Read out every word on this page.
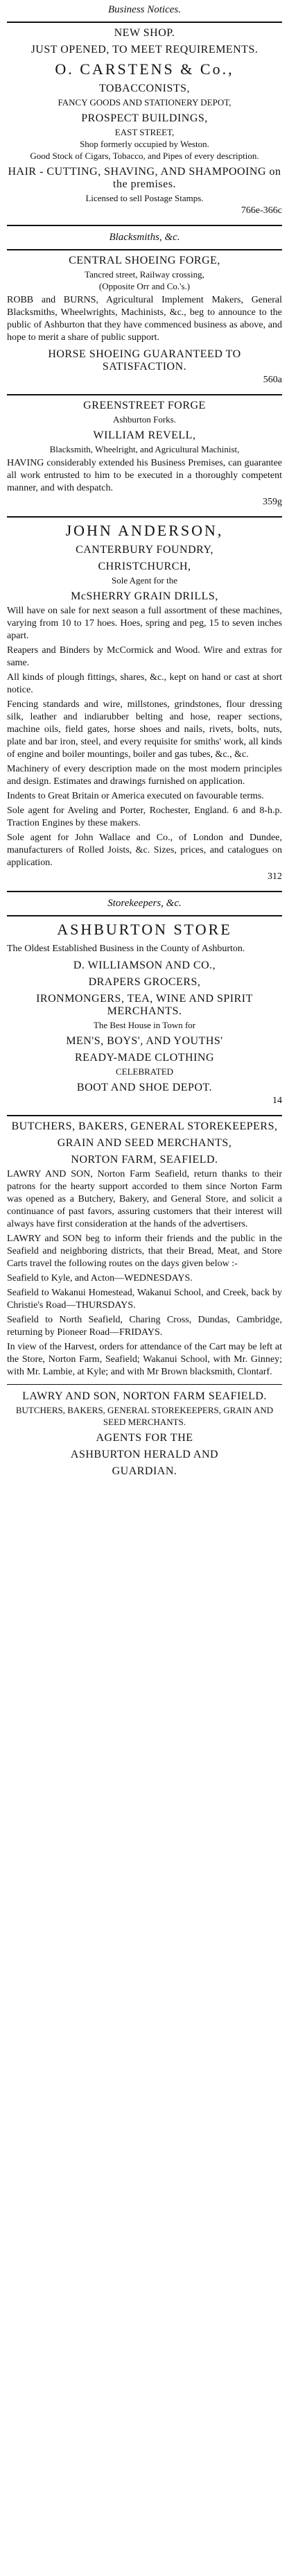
Business Notices.
NEW SHOP.
JUST OPENED, TO MEET REQUIREMENTS.
O. CARSTENS & Co.,
TOBACCONISTS,
FANCY GOODS AND STATIONERY DEPOT,
PROSPECT BUILDINGS,
EAST STREET,
Shop formerly occupied by Weston.
Good Stock of Cigars, Tobacco, and Pipes of every description.
HAIR - CUTTING, SHAVING, AND SHAMPOOING on the premises.
Licensed to sell Postage Stamps.
766e-366c
Blacksmiths, &c.
CENTRAL SHOEING FORGE,
Tancred street, Railway crossing,
(Opposite Orr and Co.'s.)

ROBB and BURNS, Agricultural Implement Makers, General Blacksmiths, Wheelwrights, Machinists, &c., beg to announce to the public of Ashburton that they have commenced business as above, and hope to merit a share of public support.

HORSE SHOEING GUARANTEED TO SATISFACTION.
560a
GREENSTREET FORGE
Ashburton Forks.
WILLIAM REVELL,
Blacksmith, Wheelright, and Agricultural Machinist,

HAVING considerably extended his Business Premises, can guarantee all work entrusted to him to be executed in a thoroughly competent manner, and with despatch.

359g
JOHN ANDERSON,
CANTERBURY FOUNDRY,
CHRISTCHURCH,
Sole Agent for the
McSHERRY GRAIN DRILLS,

Will have on sale for next season a full assortment of these machines, varying from 10 to 17 hoes. Hoes, spring and peg, 15 to seven inches apart.

Reapers and Binders by McCormick and Wood. Wire and extras for same.

All kinds of plough fittings, shares, &c., kept on hand or cast at short notice.

Fencing standards and wire, millstones, grindstones, flour dressing silk, leather and indiarubber belting and hose, reaper sections, machine oils, field gates, horse shoes and nails, rivets, bolts, nuts, plate and bar iron, steel, and every requisite for smiths' work, all kinds of engine and boiler mountings, boiler and gas tubes, &c., &c.

Machinery of every description made on the most modern principles and design. Estimates and drawings furnished on application.

Indents to Great Britain or America executed on favourable terms.

Sole agent for Aveling and Porter, Rochester, England. 6 and 8-h.p. Traction Engines by these makers.

Sole agent for John Wallace and Co., of London and Dundee, manufacturers of Rolled Joists, &c. Sizes, prices, and catalogues on application.

312
Storekeepers, &c.
ASHBURTON STORE

The Oldest Established Business in the County of Ashburton.

D. WILLIAMSON AND CO.,
DRAPERS GROCERS,
IRONMONGERS, TEA, WINE AND SPIRIT MERCHANTS.
The Best House in Town for
MEN'S, BOYS', AND YOUTHS'
READY-MADE CLOTHING
CELEBRATED
BOOT AND SHOE DEPOT.
14
BUTCHERS, BAKERS, GENERAL STOREKEEPERS,
GRAIN AND SEED MERCHANTS,
NORTON FARM, SEAFIELD.

LAWRY AND SON, Norton Farm Seafield, return thanks to their patrons for the hearty support accorded to them since Norton Farm was opened as a Butchery, Bakery, and General Store, and solicit a continuance of past favors, assuring customers that their interest will always have first consideration at the hands of the advertisers.

LAWRY and SON beg to inform their friends and the public in the Seafield and neighboring districts, that their Bread, Meat, and Store Carts travel the following routes on the days given below :-

Seafield to Kyle, and Acton—WEDNESDAYS.

Seafield to Wakanui Homestead, Wakanui School, and Creek, back by Christie's Road—THURSDAYS.

Seafield to North Seafield, Charing Cross, Dundas, Cambridge, returning by Pioneer Road—FRIDAYS.

In view of the Harvest, orders for attendance of the Cart may be left at the Store, Norton Farm, Seafield; Wakanui School, with Mr. Ginney; with Mr. Lambie, at Kyle; and with Mr Brown blacksmith, Clontarf.

LAWRY AND SON, NORTON FARM SEAFIELD.
BUTCHERS, BAKERS, GENERAL STOREKEEPERS, GRAIN AND SEED MERCHANTS.
AGENTS FOR THE
ASHBURTON HERALD AND
GUARDIAN.
